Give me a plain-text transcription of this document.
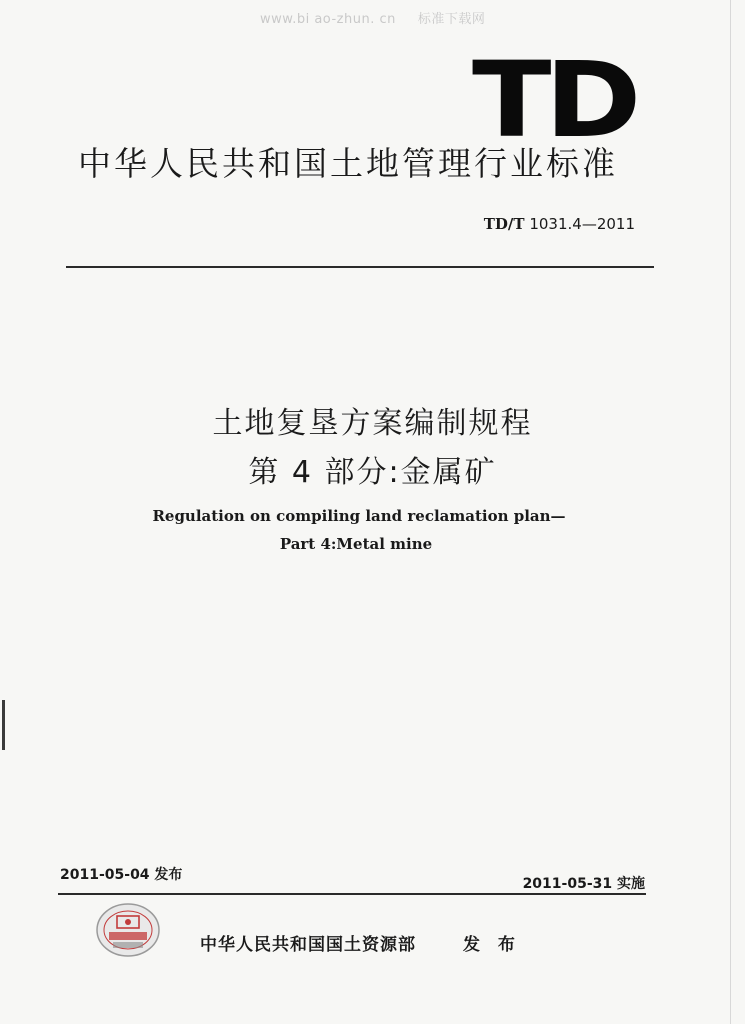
www.bi ao-zhun. cn 标准下载网
TD
中华人民共和国土地管理行业标准
TD/T 1031.4—2011
土地复垦方案编制规程
第 4 部分:金属矿
Regulation on compiling land reclamation plan—
Part 4:Metal mine
2011-05-04 发布
2011-05-31 实施
中华人民共和国国土资源部	发 布
